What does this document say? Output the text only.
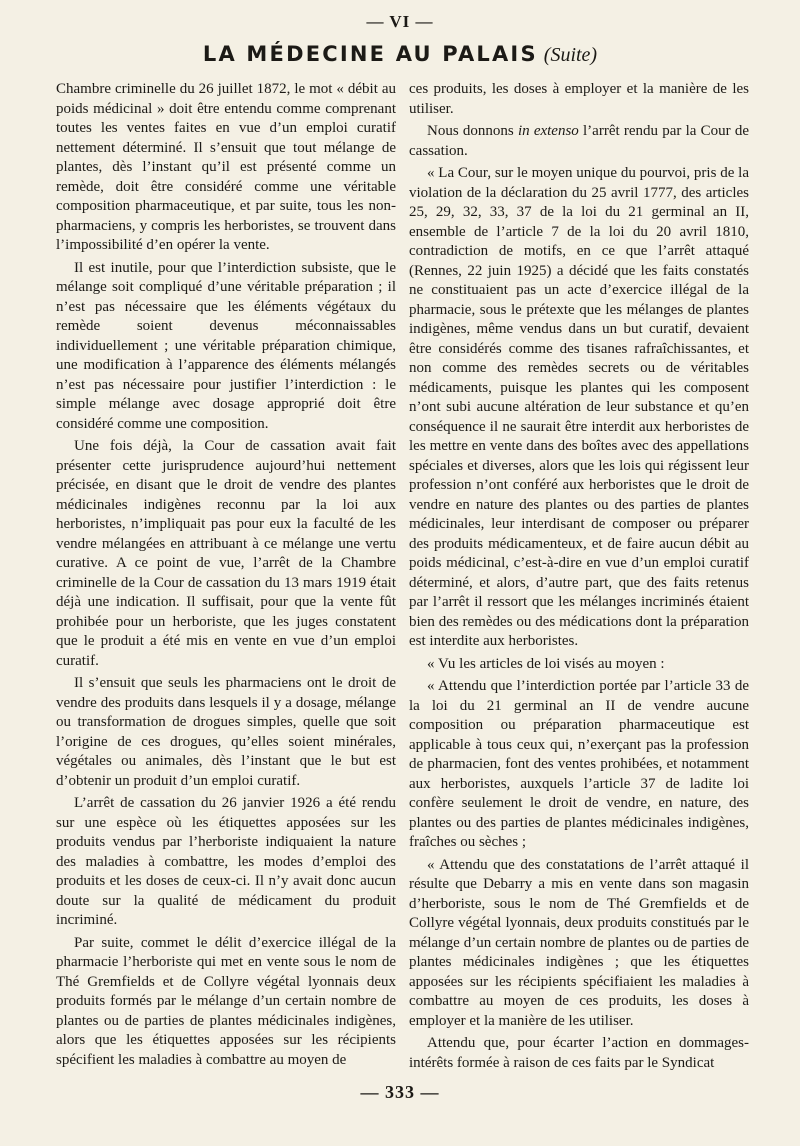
— VI —
LA MÉDECINE AU PALAIS (Suite)

Chambre criminelle du 26 juillet 1872, le mot « débit au poids médicinal » doit être entendu comme comprenant toutes les ventes faites en vue d’un emploi curatif nettement déterminé. Il s’ensuit que tout mélange de plantes, dès l’instant qu’il est présenté comme un remède, doit être considéré comme une véritable composition pharmaceutique, et par suite, tous les non-pharmaciens, y compris les herboristes, se trouvent dans l’impossibilité d’en opérer la vente.

Il est inutile, pour que l’interdiction subsiste, que le mélange soit compliqué d’une véritable préparation ; il n’est pas nécessaire que les éléments végétaux du remède soient devenus méconnaissables individuellement ; une véritable préparation chimique, une modification à l’apparence des éléments mélangés n’est pas nécessaire pour justifier l’interdiction : le simple mélange avec dosage approprié doit être considéré comme une composition.

Une fois déjà, la Cour de cassation avait fait présenter cette jurisprudence aujourd’hui nettement précisée, en disant que le droit de vendre des plantes médicinales indigènes reconnu par la loi aux herboristes, n’impliquait pas pour eux la faculté de les vendre mélangées en attribuant à ce mélange une vertu curative. A ce point de vue, l’arrêt de la Chambre criminelle de la Cour de cassation du 13 mars 1919 était déjà une indication. Il suffisait, pour que la vente fût prohibée pour un herboriste, que les juges constatent que le produit a été mis en vente en vue d’un emploi curatif.

Il s’ensuit que seuls les pharmaciens ont le droit de vendre des produits dans lesquels il y a dosage, mélange ou transformation de drogues simples, quelle que soit l’origine de ces drogues, qu’elles soient minérales, végétales ou animales, dès l’instant que le but est d’obtenir un produit d’un emploi curatif.

L’arrêt de cassation du 26 janvier 1926 a été rendu sur une espèce où les étiquettes apposées sur les produits vendus par l’herboriste indiquaient la nature des maladies à combattre, les modes d’emploi des produits et les doses de ceux-ci. Il n’y avait donc aucun doute sur la qualité de médicament du produit incriminé.

Par suite, commet le délit d’exercice illégal de la pharmacie l’herboriste qui met en vente sous le nom de Thé Gremfields et de Collyre végétal lyonnais deux produits formés par le mélange d’un certain nombre de plantes ou de parties de plantes médicinales indigènes, alors que les étiquettes apposées sur les récipients spécifient les maladies à combattre au moyen de

ces produits, les doses à employer et la manière de les utiliser.

Nous donnons in extenso l’arrêt rendu par la Cour de cassation.

« La Cour, sur le moyen unique du pourvoi, pris de la violation de la déclaration du 25 avril 1777, des articles 25, 29, 32, 33, 37 de la loi du 21 germinal an II, ensemble de l’article 7 de la loi du 20 avril 1810, contradiction de motifs, en ce que l’arrêt attaqué (Rennes, 22 juin 1925) a décidé que les faits constatés ne constituaient pas un acte d’exercice illégal de la pharmacie, sous le prétexte que les mélanges de plantes indigènes, même vendus dans un but curatif, devaient être considérés comme des tisanes rafraîchissantes, et non comme des remèdes secrets ou de véritables médicaments, puisque les plantes qui les composent n’ont subi aucune altération de leur substance et qu’en conséquence il ne saurait être interdit aux herboristes de les mettre en vente dans des boîtes avec des appellations spéciales et diverses, alors que les lois qui régissent leur profession n’ont conféré aux herboristes que le droit de vendre en nature des plantes ou des parties de plantes médicinales, leur interdisant de composer ou préparer des produits médicamenteux, et de faire aucun débit au poids médicinal, c’est-à-dire en vue d’un emploi curatif déterminé, et alors, d’autre part, que des faits retenus par l’arrêt il ressort que les mélanges incriminés étaient bien des remèdes ou des médications dont la préparation est interdite aux herboristes.

« Vu les articles de loi visés au moyen :

« Attendu que l’interdiction portée par l’article 33 de la loi du 21 germinal an II de vendre aucune composition ou préparation pharmaceutique est applicable à tous ceux qui, n’exerçant pas la profession de pharmacien, font des ventes prohibées, et notamment aux herboristes, auxquels l’article 37 de ladite loi confère seulement le droit de vendre, en nature, des plantes ou des parties de plantes médicinales indigènes, fraîches ou sèches ;

« Attendu que des constatations de l’arrêt attaqué il résulte que Debarry a mis en vente dans son magasin d’herboriste, sous le nom de Thé Gremfields et de Collyre végétal lyonnais, deux produits constitués par le mélange d’un certain nombre de plantes ou de parties de plantes médicinales indigènes ; que les étiquettes apposées sur les récipients spécifiaient les maladies à combattre au moyen de ces produits, les doses à employer et la manière de les utiliser.

Attendu que, pour écarter l’action en dommages-intérêts formée à raison de ces faits par le Syndicat

— 333 —
